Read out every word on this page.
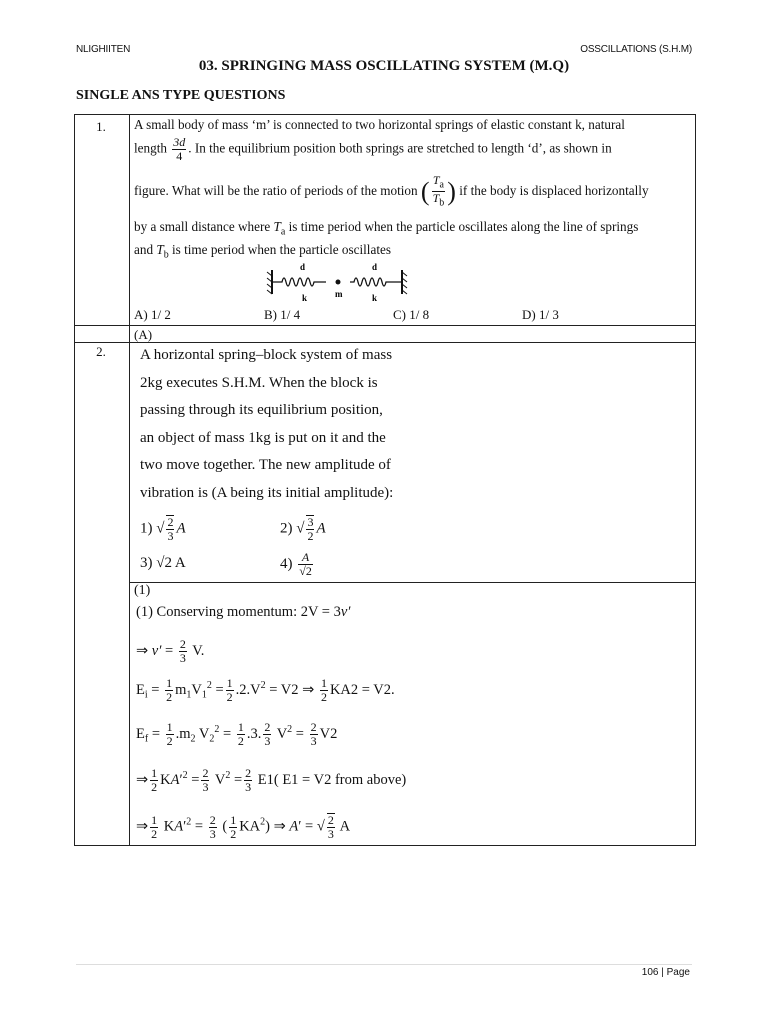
NLIGHIITEN	OSSCILLATIONS (S.H.M)
03. SPRINGING MASS OSCILLATING SYSTEM (M.Q)
SINGLE ANS TYPE QUESTIONS
1.	A small body of mass ‘m’ is connected to two horizontal springs of elastic constant k, natural
length $\frac{3d}{4}$ . In the equilibrium position both springs are stretched to length ‘d’, as shown in
figure. What will be the ratio of periods of the motion ( $\frac{T_a}{T_b}$ ) if the body is displaced horizontally
by a small distance where $T_a$ is time period when the particle oscillates along the line of springs
and $T_b$ is time period when the particle oscillates
d	d
k	m	k
A) 1/ 2	B) 1/ 4	C) 1/ 8	D) 1/ 3
(A)
2.	A horizontal spring–block system of mass
2kg executes S.H.M. When the block is
passing through its equilibrium position,
an object of mass 1kg is put on it and the
two move together. The new amplitude of
vibration is (A being its initial amplitude):
1) √ $\frac{2}{3}$ A	2) √ $\frac{3}{2}$ A
3) √2 A	$4) \frac{A}{√2}$
(1)
(1) Conserving momentum: 2V = 3v′
⇒ $v' = \frac{2}{3} V$.
$E_i = \frac{1}{2} m_1V_1^2 = \frac{1}{2} .2.V^2 = V2$ ⇒ $\frac{1}{2} KA2 = V2$.
$E_f = \frac{1}{2} .m_2$ $V_2^2 = \frac{1}{2} .3$. $\frac{2}{3} V^2 = \frac{2}{3} V2$
⇒ $\frac{1}{2} KA'^2 = \frac{2}{3} V^2 = \frac{2}{3} E1$( E1 = V2 from above)
⇒ $\frac{1}{2} KA'^2 = \frac{2}{3}$ ( $\frac{1}{2} KA^2$) ⇒ A′ = √ $\frac{2}{3}$ A
106 | Page
